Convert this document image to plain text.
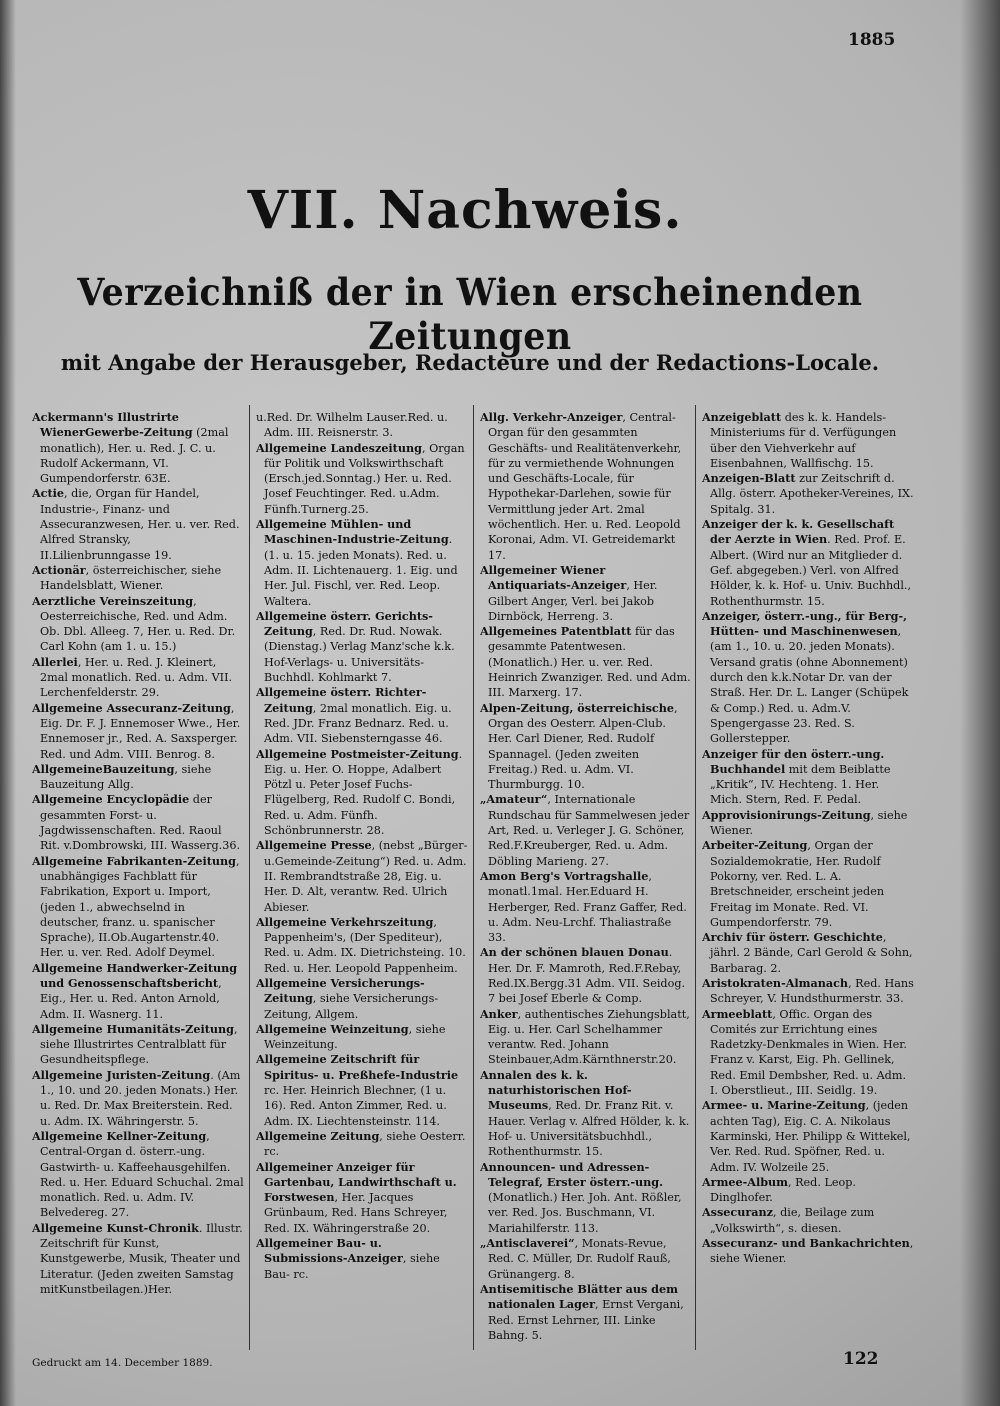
1885
VII. Nachweis.
Verzeichniß der in Wien erscheinenden Zeitungen
mit Angabe der Herausgeber, Redacteure und der Redactions-Locale.

Ackermann's Illustrirte WienerGewerbe-Zeitung (2mal monatlich), Her. u. Red. J. C. u. Rudolf Ackermann, VI. Gumpendorferstr. 63E.

Actie, die, Organ für Handel, Industrie-, Finanz- und Assecuranzwesen, Her. u. ver. Red. Alfred Stransky, II.Lilienbrunngasse 19.

Actionär, österreichischer, siehe Handelsblatt, Wiener.

Aerztliche Vereinszeitung, Oesterreichische, Red. und Adm. Ob. Dbl. Alleeg. 7, Her. u. Red. Dr. Carl Kohn (am 1. u. 15.)

Allerlei, Her. u. Red. J. Kleinert, 2mal monatlich. Red. u. Adm. VII. Lerchenfelderstr. 29.

Allgemeine Assecuranz-Zeitung, Eig. Dr. F. J. Ennemoser Wwe., Her. Ennemoser jr., Red. A. Saxsperger. Red. und Adm. VIII. Benrog. 8.

AllgemeineBauzeitung, siehe Bauzeitung Allg.

Allgemeine Encyclopädie der gesammten Forst- u. Jagdwissenschaften. Red. Raoul Rit. v.Dombrowski, III. Wasserg.36.

Allgemeine Fabrikanten-Zeitung, unabhängiges Fachblatt für Fabrikation, Export u. Import, (jeden 1., abwechselnd in deutscher, franz. u. spanischer Sprache), II.Ob.Augartenstr.40. Her. u. ver. Red. Adolf Deymel.

Allgemeine Handwerker-Zeitung und Genossenschaftsbericht, Eig., Her. u. Red. Anton Arnold, Adm. II. Wasnerg. 11.

Allgemeine Humanitäts-Zeitung, siehe Illustrirtes Centralblatt für Gesundheitspflege.

Allgemeine Juristen-Zeitung. (Am 1., 10. und 20. jeden Monats.) Her. u. Red. Dr. Max Breiterstein. Red. u. Adm. IX. Währingerstr. 5.

Allgemeine Kellner-Zeitung, Central-Organ d. österr.-ung. Gastwirth- u. Kaffeehausgehilfen. Red. u. Her. Eduard Schuchal. 2mal monatlich. Red. u. Adm. IV. Belvedereg. 27.

Allgemeine Kunst-Chronik. Illustr. Zeitschrift für Kunst, Kunstgewerbe, Musik, Theater und Literatur. (Jeden zweiten Samstag mitKunstbeilagen.)Her.

u.Red. Dr. Wilhelm Lauser.Red. u. Adm. III. Reisnerstr. 3.

Allgemeine Landeszeitung, Organ für Politik und Volkswirthschaft (Ersch.jed.Sonntag.) Her. u. Red. Josef Feuchtinger. Red. u.Adm. Fünfh.Turnerg.25.

Allgemeine Mühlen- und Maschinen-Industrie-Zeitung. (1. u. 15. jeden Monats). Red. u. Adm. II. Lichtenauerg. 1. Eig. und Her. Jul. Fischl, ver. Red. Leop. Waltera.

Allgemeine österr. Gerichts-Zeitung, Red. Dr. Rud. Nowak. (Dienstag.) Verlag Manz'sche k.k. Hof-Verlags- u. Universitäts-Buchhdl. Kohlmarkt 7.

Allgemeine österr. Richter-Zeitung, 2mal monatlich. Eig. u. Red. JDr. Franz Bednarz. Red. u. Adm. VII. Siebensterngasse 46.

Allgemeine Postmeister-Zeitung. Eig. u. Her. O. Hoppe, Adalbert Pötzl u. Peter Josef Fuchs-Flügelberg, Red. Rudolf C. Bondi, Red. u. Adm. Fünfh. Schönbrunnerstr. 28.

Allgemeine Presse, (nebst „Bürger-u.Gemeinde-Zeitung“) Red. u. Adm. II. Rembrandtstraße 28, Eig. u. Her. D. Alt, verantw. Red. Ulrich Abieser.

Allgemeine Verkehrszeitung, Pappenheim's, (Der Spediteur), Red. u. Adm. IX. Dietrichsteing. 10. Red. u. Her. Leopold Pappenheim.

Allgemeine Versicherungs-Zeitung, siehe Versicherungs-Zeitung, Allgem.

Allgemeine Weinzeitung, siehe Weinzeitung.

Allgemeine Zeitschrift für Spiritus- u. Preßhefe-Industrie rc. Her. Heinrich Blechner, (1 u. 16). Red. Anton Zimmer, Red. u. Adm. IX. Liechtensteinstr. 114.

Allgemeine Zeitung, siehe Oesterr. rc.

Allgemeiner Anzeiger für Gartenbau, Landwirthschaft u. Forstwesen, Her. Jacques Grünbaum, Red. Hans Schreyer, Red. IX. Währingerstraße 20.

Allgemeiner Bau- u. Submissions-Anzeiger, siehe Bau- rc.

Allg. Verkehr-Anzeiger, Central-Organ für den gesammten Geschäfts- und Realitätenverkehr, für zu vermiethende Wohnungen und Geschäfts-Locale, für Hypothekar-Darlehen, sowie für Vermittlung jeder Art. 2mal wöchentlich. Her. u. Red. Leopold Koronai, Adm. VI. Getreidemarkt 17.

Allgemeiner Wiener Antiquariats-Anzeiger, Her. Gilbert Anger, Verl. bei Jakob Dirnböck, Herreng. 3.

Allgemeines Patentblatt für das gesammte Patentwesen. (Monatlich.) Her. u. ver. Red. Heinrich Zwanziger. Red. und Adm. III. Marxerg. 17.

Alpen-Zeitung, österreichische, Organ des Oesterr. Alpen-Club. Her. Carl Diener, Red. Rudolf Spannagel. (Jeden zweiten Freitag.) Red. u. Adm. VI. Thurmburgg. 10.

„Amateur“, Internationale Rundschau für Sammelwesen jeder Art, Red. u. Verleger J. G. Schöner, Red.F.Kreuberger, Red. u. Adm. Döbling Marieng. 27.

Amon Berg's Vortragshalle, monatl.1mal. Her.Eduard H. Herberger, Red. Franz Gaffer, Red. u. Adm. Neu-Lrchf. Thaliastraße 33.

An der schönen blauen Donau. Her. Dr. F. Mamroth, Red.F.Rebay, Red.IX.Bergg.31 Adm. VII. Seidog. 7 bei Josef Eberle & Comp.

Anker, authentisches Ziehungsblatt, Eig. u. Her. Carl Schelhammer verantw. Red. Johann Steinbauer,Adm.Kärnthnerstr.20.

Annalen des k. k. naturhistorischen Hof-Museums, Red. Dr. Franz Rit. v. Hauer. Verlag v. Alfred Hölder, k. k. Hof- u. Universitätsbuchhdl., Rothenthurmstr. 15.

Announcen- und Adressen-Telegraf, Erster österr.-ung. (Monatlich.) Her. Joh. Ant. Rößler, ver. Red. Jos. Buschmann, VI. Mariahilferstr. 113.

„Antisclaverei“, Monats-Revue, Red. C. Müller, Dr. Rudolf Rauß, Grünangerg. 8.

Antisemitische Blätter aus dem nationalen Lager, Ernst Vergani, Red. Ernst Lehrner, III. Linke Bahng. 5.

Anzeigeblatt des k. k. Handels-Ministeriums für d. Verfügungen über den Viehverkehr auf Eisenbahnen, Wallfischg. 15.

Anzeigen-Blatt zur Zeitschrift d. Allg. österr. Apotheker-Vereines, IX. Spitalg. 31.

Anzeiger der k. k. Gesellschaft der Aerzte in Wien. Red. Prof. E. Albert. (Wird nur an Mitglieder d. Gef. abgegeben.) Verl. von Alfred Hölder, k. k. Hof- u. Univ. Buchhdl., Rothenthurmstr. 15.

Anzeiger, österr.-ung., für Berg-, Hütten- und Maschinenwesen, (am 1., 10. u. 20. jeden Monats). Versand gratis (ohne Abonnement) durch den k.k.Notar Dr. van der Straß. Her. Dr. L. Langer (Schüpek & Comp.) Red. u. Adm.V. Spengergasse 23. Red. S. Gollerstepper.

Anzeiger für den österr.-ung. Buchhandel mit dem Beiblatte „Kritik“, IV. Hechteng. 1. Her. Mich. Stern, Red. F. Pedal.

Approvisionirungs-Zeitung, siehe Wiener.

Arbeiter-Zeitung, Organ der Sozialdemokratie, Her. Rudolf Pokorny, ver. Red. L. A. Bretschneider, erscheint jeden Freitag im Monate. Red. VI. Gumpendorferstr. 79.

Archiv für österr. Geschichte, jährl. 2 Bände, Carl Gerold & Sohn, Barbarag. 2.

Aristokraten-Almanach, Red. Hans Schreyer, V. Hundsthurmerstr. 33.

Armeeblatt, Offic. Organ des Comités zur Errichtung eines Radetzky-Denkmales in Wien. Her. Franz v. Karst, Eig. Ph. Gellinek, Red. Emil Dembsher, Red. u. Adm. I. Oberstlieut., III. Seidlg. 19.

Armee- u. Marine-Zeitung, (jeden achten Tag), Eig. C. A. Nikolaus Karminski, Her. Philipp & Wittekel, Ver. Red. Rud. Spöfner, Red. u. Adm. IV. Wolzeile 25.

Armee-Album, Red. Leop. Dinglhofer.

Assecuranz, die, Beilage zum „Volkswirth“, s. diesen.

Assecuranz- und Bankachrichten, siehe Wiener.

Gedruckt am 14. December 1889.	122
